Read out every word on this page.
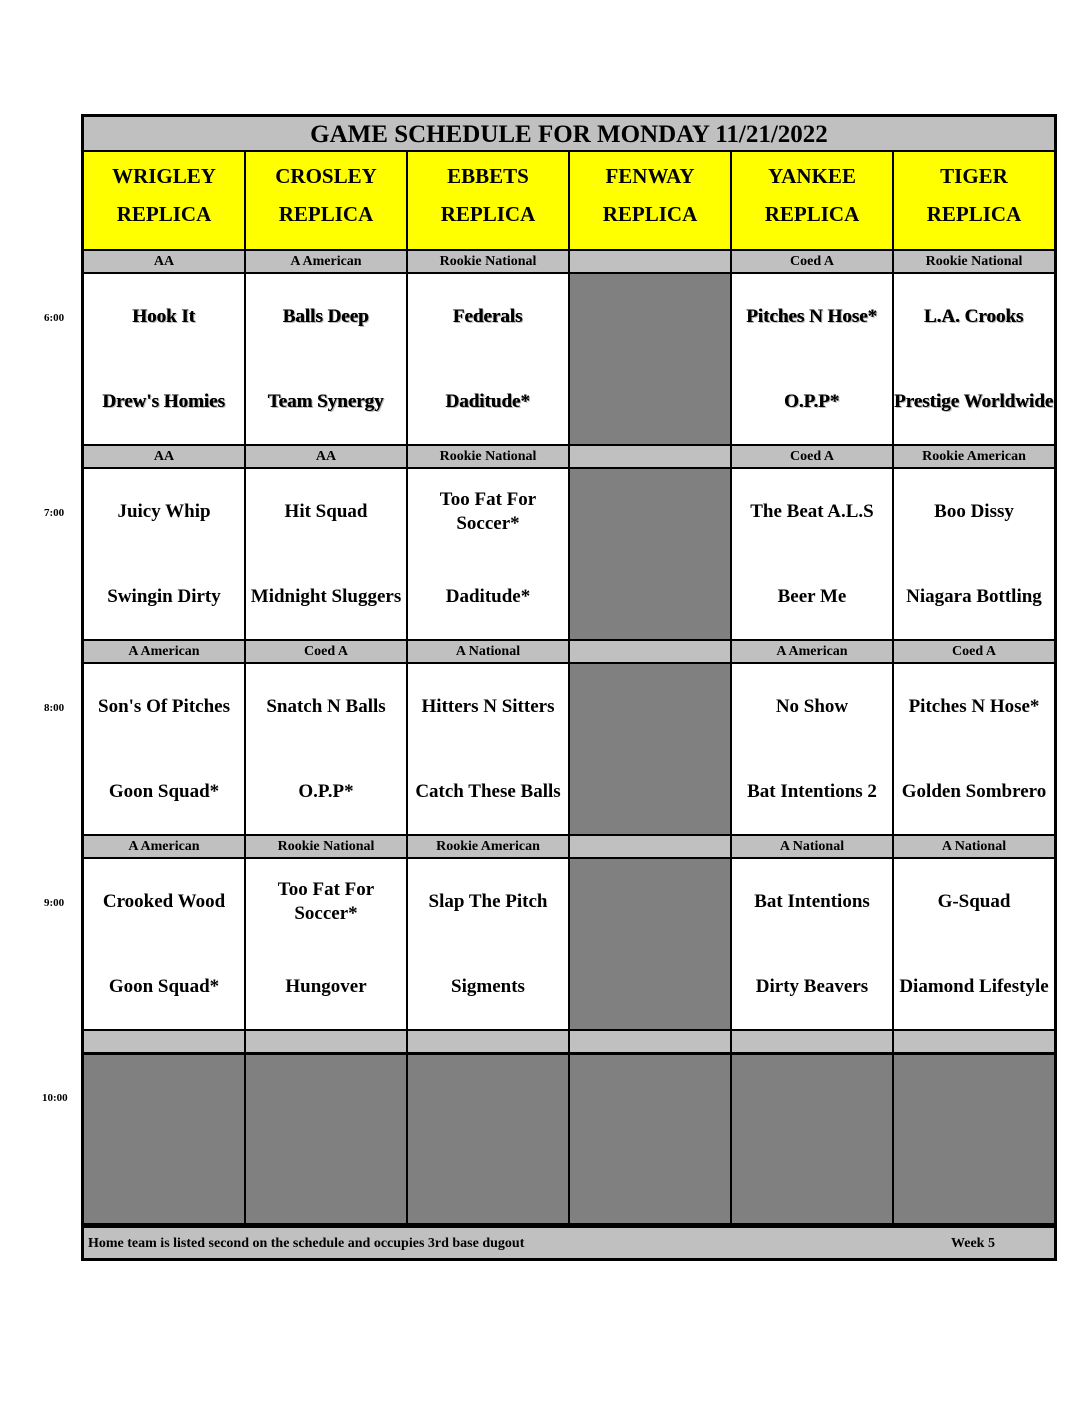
6:00
7:00
8:00
9:00
10:00
GAME SCHEDULE FOR MONDAY 11/21/2022
WRIGLEY
REPLICA
AA
Hook It
Drew's Homies
AA
Juicy Whip
Swingin Dirty
A American
Son's Of Pitches
Goon Squad*
A American
Crooked Wood
Goon Squad*
CROSLEY
REPLICA
A American
Balls Deep
Team Synergy
AA
Hit Squad
Midnight Sluggers
Coed A
Snatch N Balls
O.P.P*
Rookie National
Too Fat For Soccer*
Hungover
EBBETS
REPLICA
Rookie National
Federals
Daditude*
Rookie National
Too Fat For Soccer*
Daditude*
A National
Hitters N Sitters
Catch These Balls
Rookie American
Slap The Pitch
Sigments
FENWAY
REPLICA
YANKEE
REPLICA
Coed A
Pitches N Hose*
O.P.P*
Coed A
The Beat A.L.S
Beer Me
A American
No Show
Bat Intentions 2
A National
Bat Intentions
Dirty Beavers
TIGER
REPLICA
Rookie National
L.A. Crooks
Prestige Worldwide
Rookie American
Boo Dissy
Niagara Bottling
Coed A
Pitches N Hose*
Golden Sombrero
A National
G-Squad
Diamond Lifestyle
Home team is listed second on the schedule and occupies 3rd base dugout	Week 5
